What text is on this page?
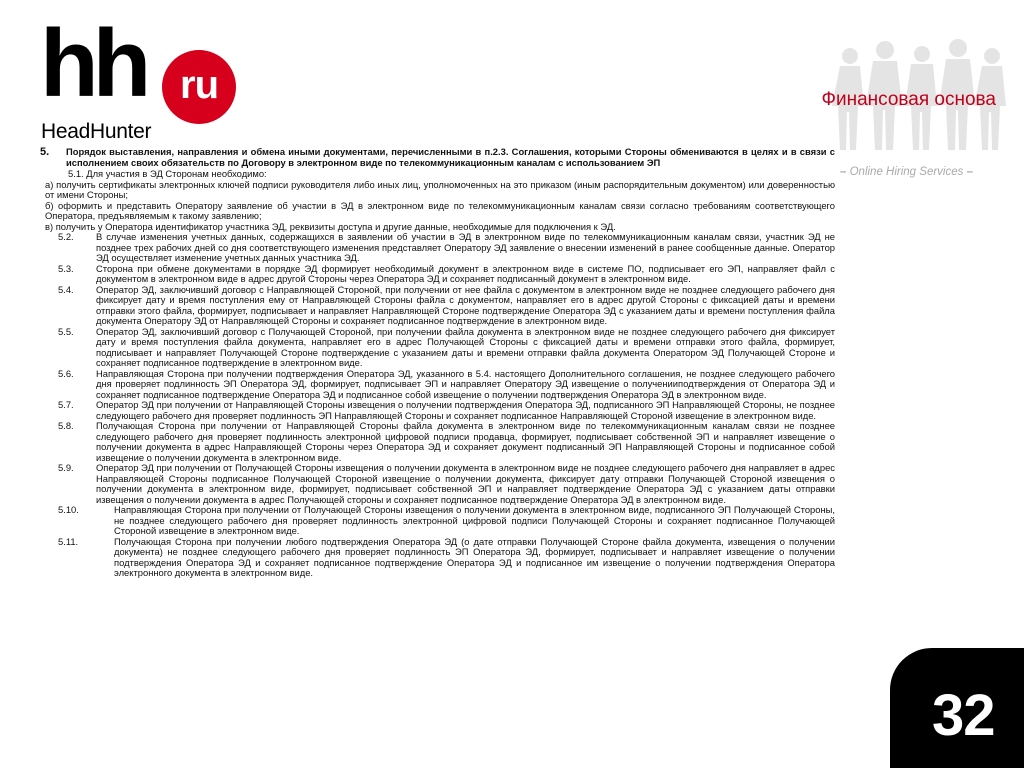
hh ru
HeadHunter
Финансовая основа
– Online Hiring Services –
5.	Порядок выставления, направления и обмена иными документами, перечисленными в п.2.3. Соглашения, которыми Стороны обмениваются в целях и в связи с исполнением своих обязательств по Договору в электронном виде по телекоммуникационным каналам с использованием ЭП
5.1. Для участия в ЭД Сторонам необходимо:
а) получить сертификаты электронных ключей подписи руководителя либо иных лиц, уполномоченных на это приказом (иным распорядительным документом) или доверенностью от имени Стороны;
б) оформить и представить Оператору заявление об участии в ЭД в электронном виде по телекоммуникационным каналам связи согласно требованиям соответствующего Оператора, предъявляемым к такому заявлению;
в) получить у Оператора идентификатор участника ЭД, реквизиты доступа и другие данные, необходимые для подключения к ЭД.
5.2.	В случае изменения учетных данных, содержащихся в заявлении об участии в ЭД в электронном виде по телекоммуникационным каналам связи, участник ЭД не позднее трех рабочих дней со дня соответствующего изменения представляет Оператору ЭД заявление о внесении изменений в ранее сообщенные данные. Оператор ЭД осуществляет изменение учетных данных участника ЭД.
5.3.	Сторона при обмене документами в порядке ЭД формирует необходимый документ в электронном виде в системе ПО, подписывает его ЭП, направляет файл с документом в электронном виде в адрес другой Стороны через Оператора ЭД и сохраняет подписанный документ в электронном виде.
5.4.	Оператор ЭД, заключивший договор с Направляющей Стороной, при получении от нее файла с документом в электронном виде не позднее следующего рабочего дня фиксирует дату и время поступления ему от Направляющей Стороны файла с документом, направляет его в адрес другой Стороны с фиксацией даты и времени отправки этого файла, формирует, подписывает и направляет Направляющей Стороне подтверждение Оператора ЭД с указанием даты и времени поступления файла документа Оператору ЭД от Направляющей Стороны и сохраняет подписанное подтверждение в электронном виде.
5.5.	Оператор ЭД, заключивший договор с Получающей Стороной, при получении файла документа в электронном виде не позднее следующего рабочего дня фиксирует дату и время поступления файла документа, направляет его в адрес Получающей Стороны с фиксацией даты и времени отправки этого файла, формирует, подписывает и направляет Получающей Стороне подтверждение с указанием даты и времени отправки файла документа Оператором ЭД Получающей Стороне и сохраняет подписанное подтверждение в электронном виде.
5.6.	Направляющая Сторона при получении подтверждения Оператора ЭД, указанного в 5.4. настоящего Дополнительного соглашения, не позднее следующего рабочего дня проверяет подлинность ЭП Оператора ЭД, формирует, подписывает ЭП и направляет Оператору ЭД извещение о полученииподтверждения от Оператора ЭД и сохраняет подписанное подтверждение Оператора ЭД и подписанное собой извещение о получении подтверждения Оператора ЭД в электронном виде.
5.7.	Оператор ЭД при получении от Направляющей Стороны извещения о получении подтверждения Оператора ЭД, подписанного ЭП Направляющей Стороны, не позднее следующего рабочего дня проверяет подлинность ЭП Направляющей Стороны и сохраняет подписанное Направляющей Стороной извещение в электронном виде.
5.8.	Получающая Сторона при получении от Направляющей Стороны файла документа в электронном виде по телекоммуникационным каналам связи не позднее следующего рабочего дня проверяет подлинность электронной цифровой подписи продавца, формирует, подписывает собственной ЭП и направляет извещение о получении документа в адрес Направляющей Стороны через Оператора ЭД и сохраняет документ подписанный ЭП Направляющей Стороны и подписанное собой извещение о получении документа в электронном виде.
5.9.	Оператор ЭД при получении от Получающей Стороны извещения о получении документа в электронном виде не позднее следующего рабочего дня направляет в адрес Направляющей Стороны подписанное Получающей Стороной извещение о получении документа, фиксирует дату отправки Получающей Стороной извещения о получении документа в электронном виде, формирует, подписывает собственной ЭП и направляет подтверждение Оператора ЭД с указанием даты отправки извещения о получении документа в адрес Получающей стороны и сохраняет подписанное подтверждение Оператора ЭД в электронном виде.
5.10.	Направляющая Сторона при получении от Получающей Стороны извещения о получении документа в электронном виде, подписанного ЭП Получающей Стороны, не позднее следующего рабочего дня проверяет подлинность электронной цифровой подписи Получающей Стороны и сохраняет подписанное Получающей Стороной извещение в электронном виде.
5.11.	Получающая Сторона при получении любого подтверждения Оператора ЭД (о дате отправки Получающей Стороне файла документа, извещения о получении документа) не позднее следующего рабочего дня проверяет подлинность ЭП Оператора ЭД, формирует, подписывает и направляет извещение о получении подтверждения Оператора ЭД и сохраняет подписанное подтверждение Оператора ЭД и подписанное им извещение о получении подтверждения Оператора электронного документа в электронном виде.
32
